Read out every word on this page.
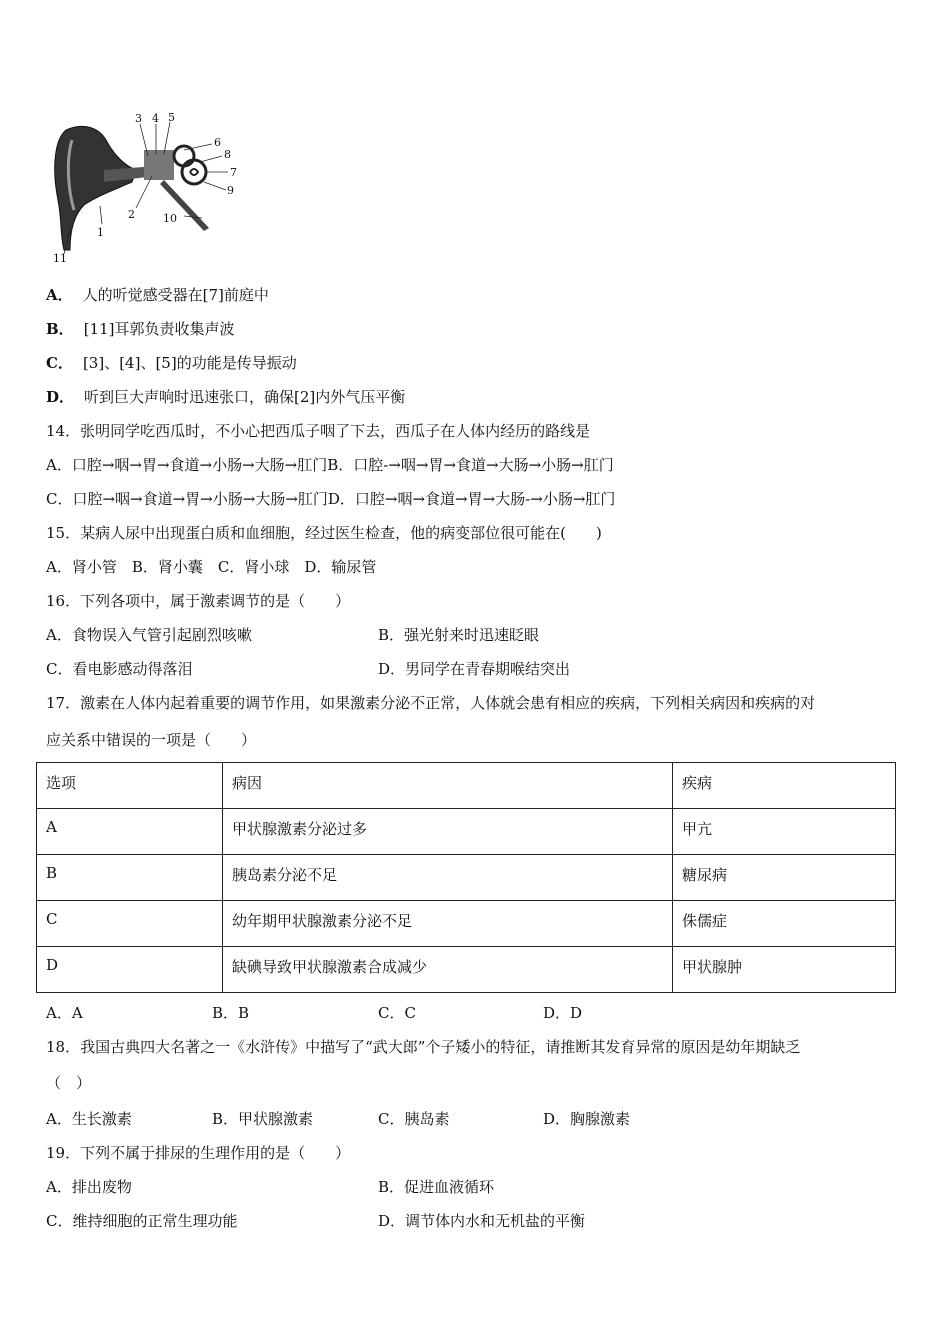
3 4 5
6
8
7
9
10
2
1
11
A． 人的听觉感受器在[7]前庭中
B． [11]耳郭负责收集声波
C． [3]、[4]、[5]的功能是传导振动
D． 听到巨大声响时迅速张口，确保[2]内外气压平衡
14．张明同学吃西瓜时，不小心把西瓜子咽了下去，西瓜子在人体内经历的路线是
A．口腔→咽→胃→食道→小肠→大肠→肛门B．口腔-→咽→胃→食道→大肠→小肠→肛门
C．口腔→咽→食道→胃→小肠→大肠→肛门D．口腔→咽→食道→胃→大肠-→小肠→肛门
15．某病人尿中出现蛋白质和血细胞，经过医生检查，他的病变部位很可能在(　　)
A．肾小管　B．肾小囊　C．肾小球　D．输尿管
16．下列各项中，属于激素调节的是（　　）
A．食物误入气管引起剧烈咳嗽	B．强光射来时迅速眨眼
C．看电影感动得落泪	D．男同学在青春期喉结突出
17．激素在人体内起着重要的调节作用，如果激素分泌不正常，人体就会患有相应的疾病，下列相关病因和疾病的对
应关系中错误的一项是（　　）
选项	病因	疾病
A	甲状腺激素分泌过多	甲亢
B	胰岛素分泌不足	糖尿病
C	幼年期甲状腺激素分泌不足	侏儒症
D	缺碘导致甲状腺激素合成减少	甲状腺肿
A．A	B．B	C．C	D．D
18．我国古典四大名著之一《水浒传》中描写了“武大郎”个子矮小的特征，请推断其发育异常的原因是幼年期缺乏
（　）
A．生长激素	B．甲状腺激素	C．胰岛素	D．胸腺激素
19．下列不属于排尿的生理作用的是（　　）
A．排出废物	B．促进血液循环
C．维持细胞的正常生理功能	D．调节体内水和无机盐的平衡
